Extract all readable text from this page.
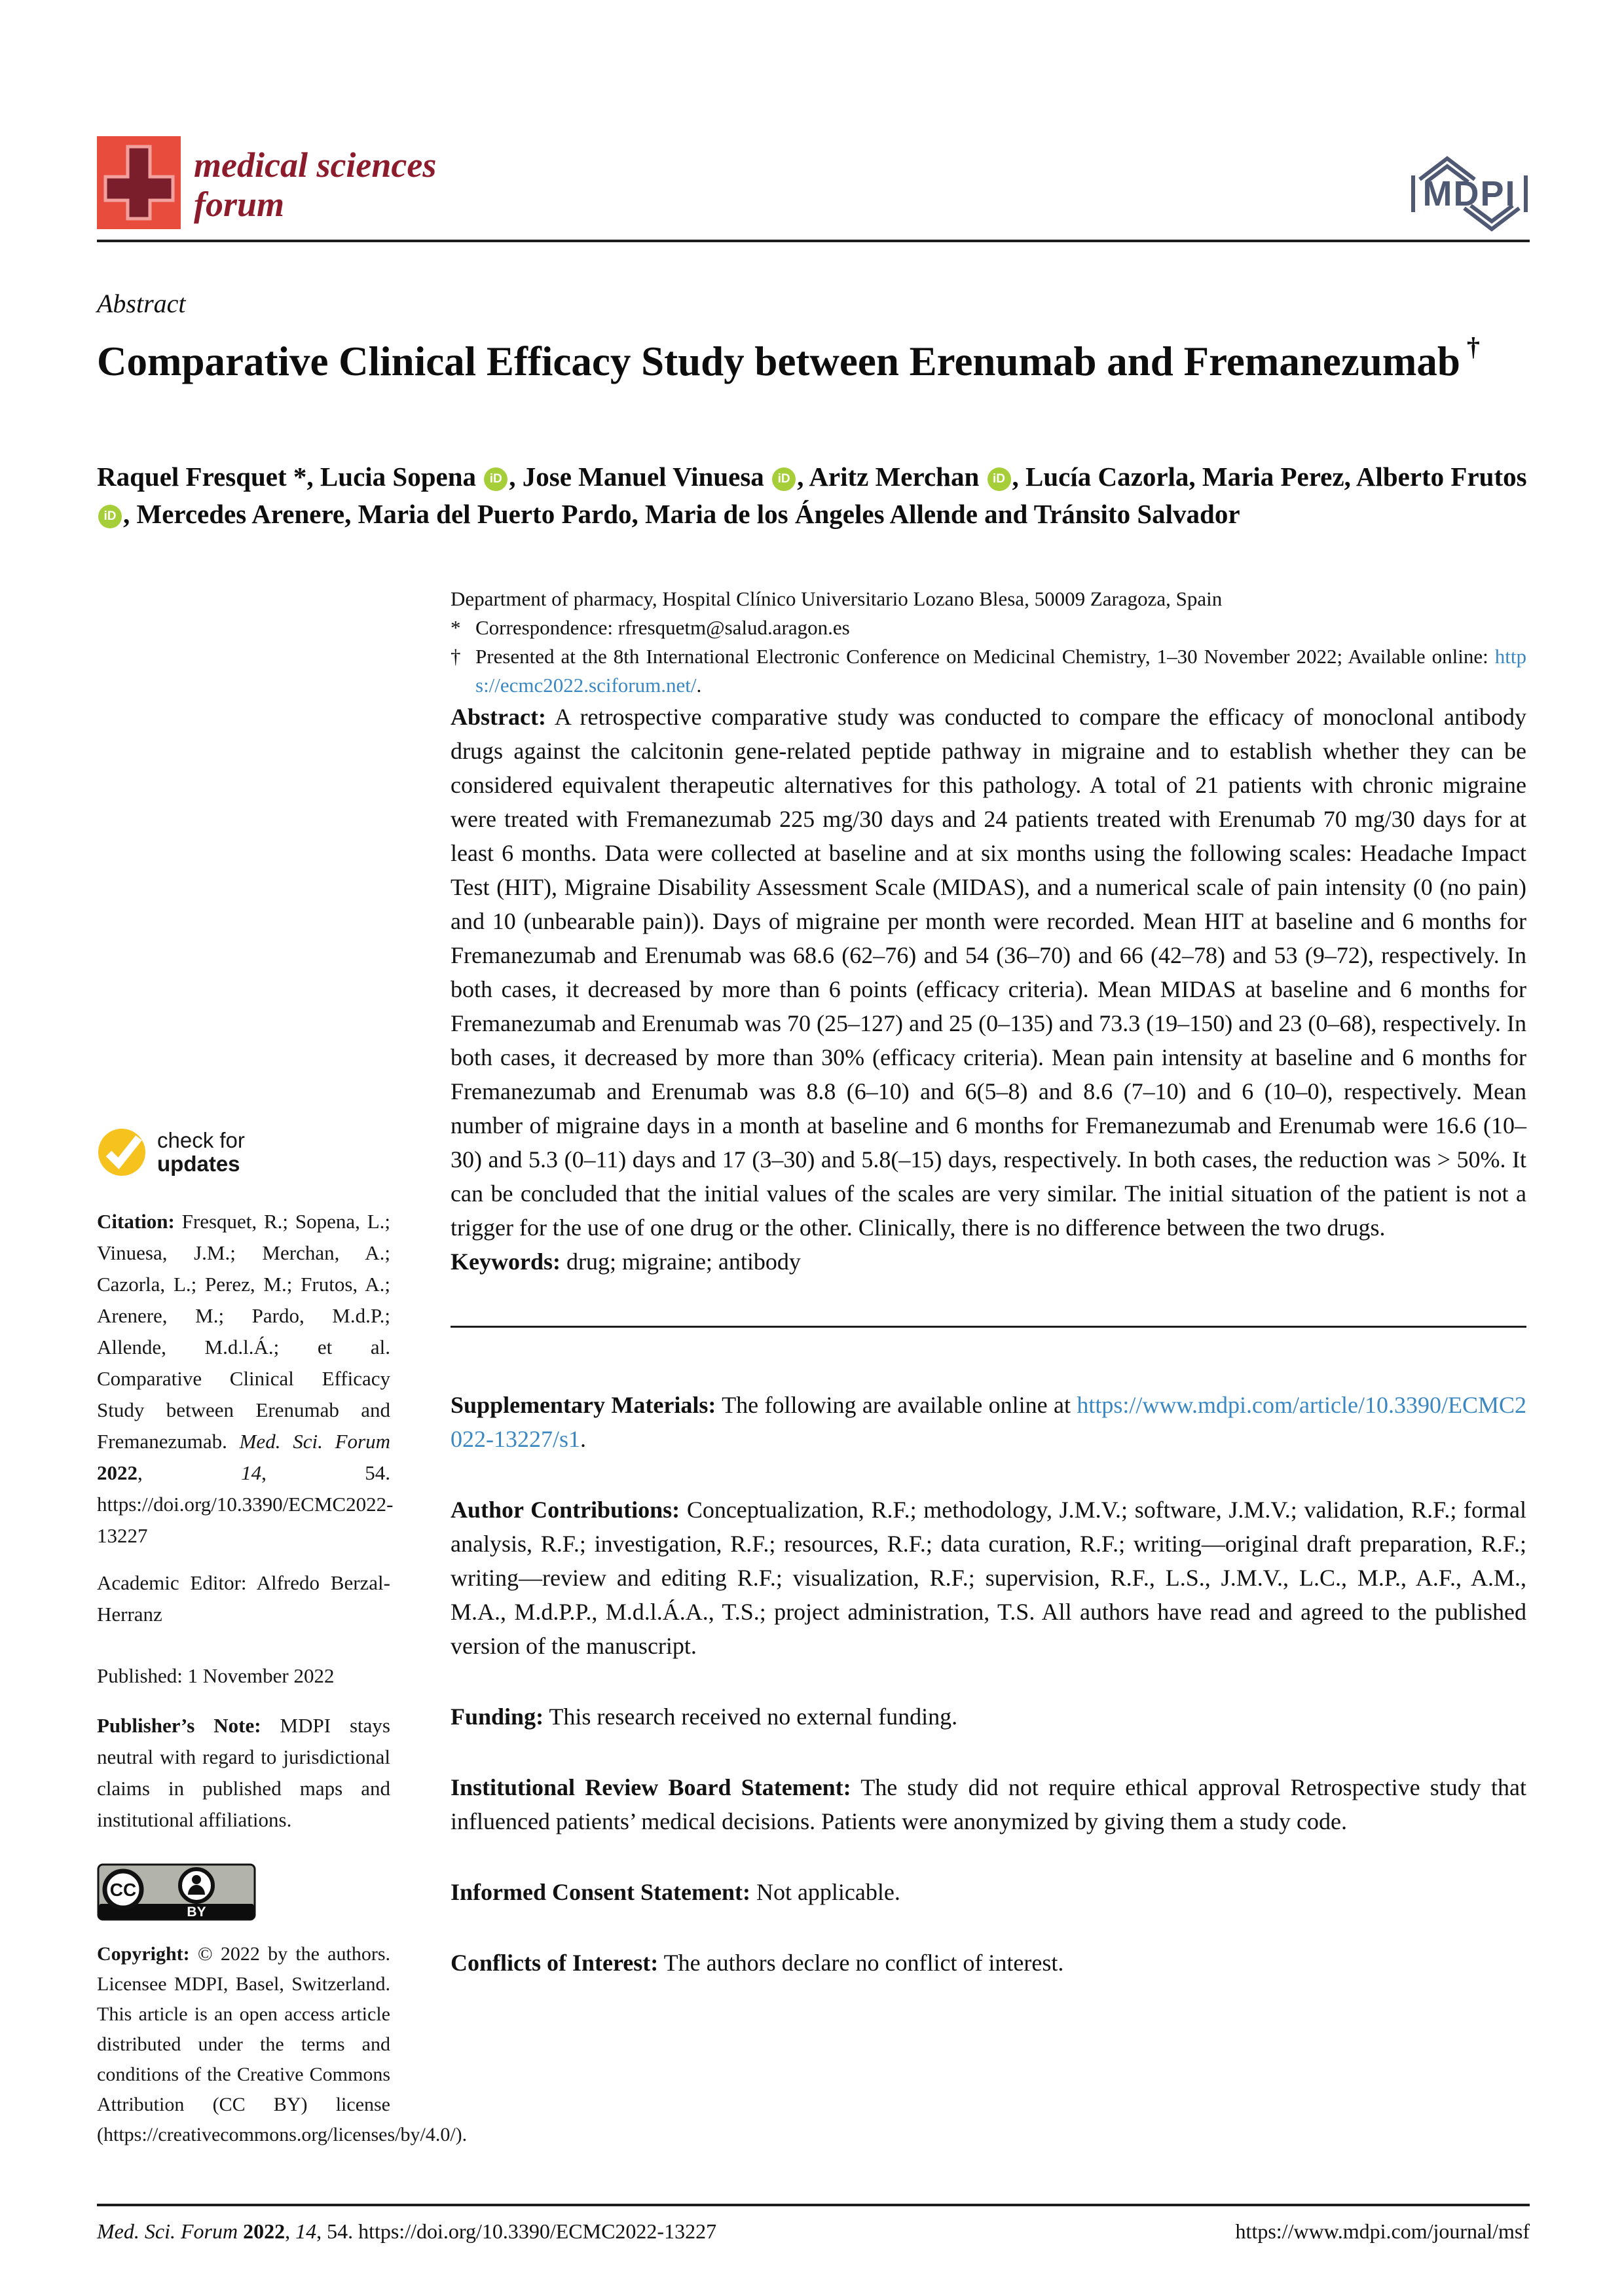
medical sciences
forum	MDPI
Abstract
Comparative Clinical Efficacy Study between Erenumab and Fremanezumab †
Raquel Fresquet *, Lucia Sopena iD , Jose Manuel Vinuesa iD , Aritz Merchan iD , Lucía Cazorla, Maria Perez, Alberto Frutos iD , Mercedes Arenere, Maria del Puerto Pardo, Maria de los Ángeles Allende and Tránsito Salvador
check for
updates
Citation: Fresquet, R.; Sopena, L.; Vinuesa, J.M.; Merchan, A.; Cazorla, L.; Perez, M.; Frutos, A.; Arenere, M.; Pardo, M.d.P.; Allende, M.d.l.Á.; et al. Comparative Clinical Efficacy Study between Erenumab and Fremanezumab. Med. Sci. Forum 2022, 14, 54. https://doi.org/10.3390/ECMC2022-13227
Academic Editor: Alfredo Berzal-Herranz
Published: 1 November 2022
Publisher’s Note: MDPI stays neutral with regard to jurisdictional claims in published maps and institutional affiliations.
CC
BY
Copyright: © 2022 by the authors. Licensee MDPI, Basel, Switzerland. This article is an open access article distributed under the terms and conditions of the Creative Commons Attribution (CC BY) license (https://creativecommons.org/licenses/by/4.0/).
Department of pharmacy, Hospital Clínico Universitario Lozano Blesa, 50009 Zaragoza, Spain
* Correspondence: rfresquetm@salud.aragon.es
† Presented at the 8th International Electronic Conference on Medicinal Chemistry, 1–30 November 2022; Available online: https://ecmc2022.sciforum.net/.

Abstract: A retrospective comparative study was conducted to compare the efficacy of monoclonal antibody drugs against the calcitonin gene-related peptide pathway in migraine and to establish whether they can be considered equivalent therapeutic alternatives for this pathology. A total of 21 patients with chronic migraine were treated with Fremanezumab 225 mg/30 days and 24 patients treated with Erenumab 70 mg/30 days for at least 6 months. Data were collected at baseline and at six months using the following scales: Headache Impact Test (HIT), Migraine Disability Assessment Scale (MIDAS), and a numerical scale of pain intensity (0 (no pain) and 10 (unbearable pain)). Days of migraine per month were recorded. Mean HIT at baseline and 6 months for Fremanezumab and Erenumab was 68.6 (62–76) and 54 (36–70) and 66 (42–78) and 53 (9–72), respectively. In both cases, it decreased by more than 6 points (efficacy criteria). Mean MIDAS at baseline and 6 months for Fremanezumab and Erenumab was 70 (25–127) and 25 (0–135) and 73.3 (19–150) and 23 (0–68), respectively. In both cases, it decreased by more than 30% (efficacy criteria). Mean pain intensity at baseline and 6 months for Fremanezumab and Erenumab was 8.8 (6–10) and 6(5–8) and 8.6 (7–10) and 6 (10–0), respectively. Mean number of migraine days in a month at baseline and 6 months for Fremanezumab and Erenumab were 16.6 (10–30) and 5.3 (0–11) days and 17 (3–30) and 5.8(–15) days, respectively. In both cases, the reduction was > 50%. It can be concluded that the initial values of the scales are very similar. The initial situation of the patient is not a trigger for the use of one drug or the other. Clinically, there is no difference between the two drugs.

Keywords: drug; migraine; antibody

Supplementary Materials: The following are available online at https://www.mdpi.com/article/10.3390/ECMC2022-13227/s1.

Author Contributions: Conceptualization, R.F.; methodology, J.M.V.; software, J.M.V.; validation, R.F.; formal analysis, R.F.; investigation, R.F.; resources, R.F.; data curation, R.F.; writing—original draft preparation, R.F.; writing—review and editing R.F.; visualization, R.F.; supervision, R.F., L.S., J.M.V., L.C., M.P., A.F., A.M., M.A., M.d.P.P., M.d.l.Á.A., T.S.; project administration, T.S. All authors have read and agreed to the published version of the manuscript.

Funding: This research received no external funding.

Institutional Review Board Statement: The study did not require ethical approval Retrospective study that influenced patients’ medical decisions. Patients were anonymized by giving them a study code.

Informed Consent Statement: Not applicable.

Conflicts of Interest: The authors declare no conflict of interest.

Med. Sci. Forum 2022, 14, 54. https://doi.org/10.3390/ECMC2022-13227	https://www.mdpi.com/journal/msf
